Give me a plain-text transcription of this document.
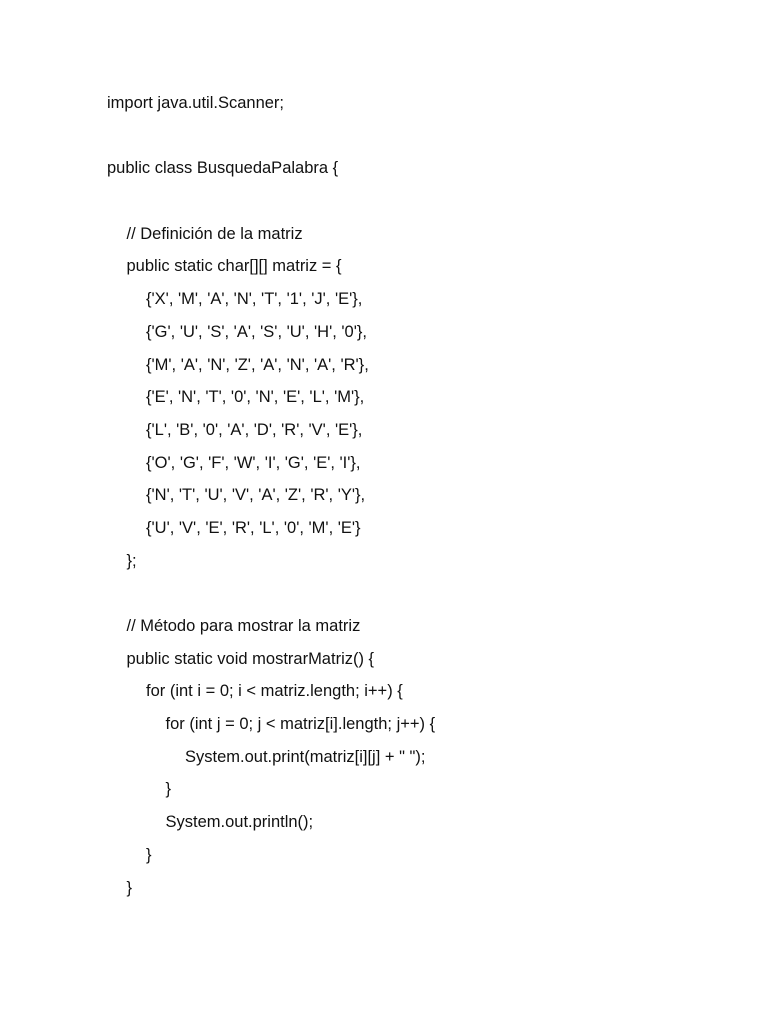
import java.util.Scanner;
public class BusquedaPalabra {
// Definición de la matriz
public static char[][] matriz = {
{'X', 'M', 'A', 'N', 'T', '1', 'J', 'E'},
{'G', 'U', 'S', 'A', 'S', 'U', 'H', '0'},
{'M', 'A', 'N', 'Z', 'A', 'N', 'A', 'R'},
{'E', 'N', 'T', '0', 'N', 'E', 'L', 'M'},
{'L', 'B', '0', 'A', 'D', 'R', 'V', 'E'},
{'O', 'G', 'F', 'W', 'I', 'G', 'E', 'I'},
{'N', 'T', 'U', 'V', 'A', 'Z', 'R', 'Y'},
{'U', 'V', 'E', 'R', 'L', '0', 'M', 'E'}
};
// Método para mostrar la matriz
public static void mostrarMatriz() {
for (int i = 0; i < matriz.length; i++) {
for (int j = 0; j < matriz[i].length; j++) {
System.out.print(matriz[i][j] + " ");
}
System.out.println();
}
}
